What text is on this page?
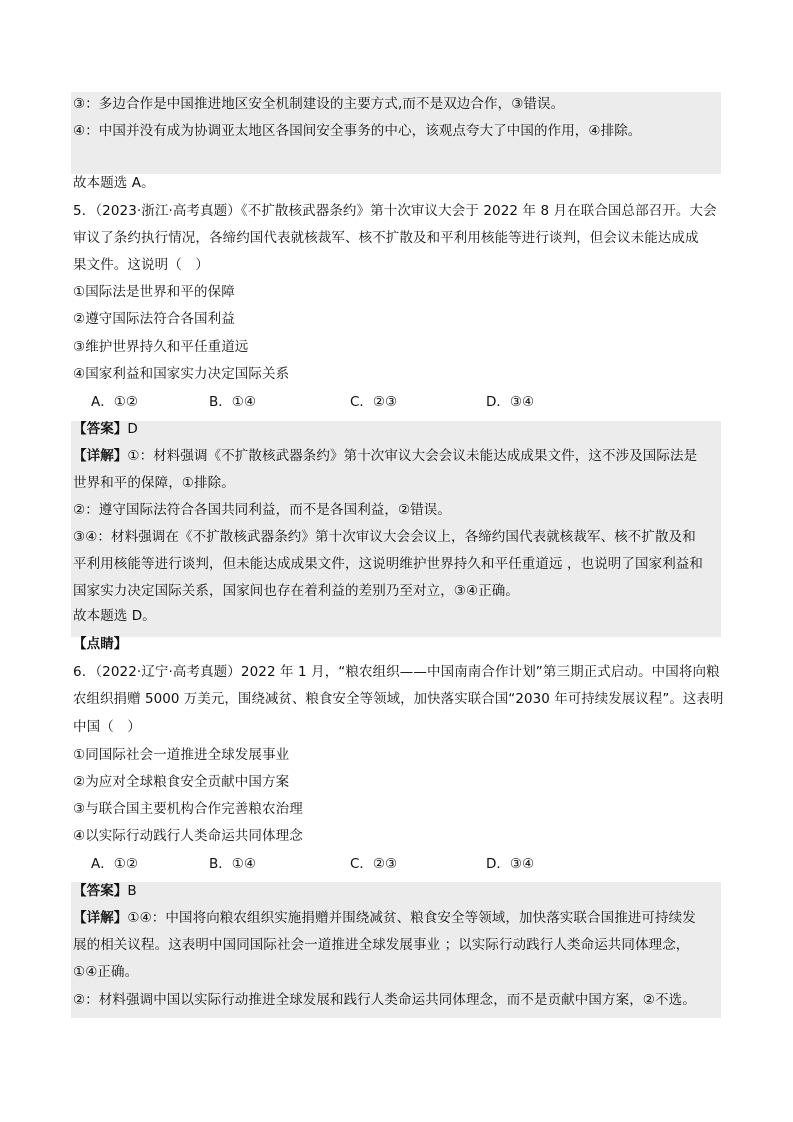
③：多边合作是中国推进地区安全机制建设的主要方式,而不是双边合作，③错误。
④：中国并没有成为协调亚太地区各国间安全事务的中心，该观点夸大了中国的作用，④排除。
故本题选 A。
5．（2023·浙江·高考真题）《不扩散核武器条约》第十次审议大会于 2022 年 8 月在联合国总部召开。大会
审议了条约执行情况，各缔约国代表就核裁军、核不扩散及和平利用核能等进行谈判，但会议未能达成成
果文件。这说明（　）
①国际法是世界和平的保障
②遵守国际法符合各国利益
③维护世界持久和平任重道远
④国家利益和国家实力决定国际关系
A．①②	B．①④	C．②③	D．③④
【答案】D
【详解】①：材料强调《不扩散核武器条约》第十次审议大会会议未能达成成果文件，这不涉及国际法是
世界和平的保障，①排除。
②：遵守国际法符合各国共同利益，而不是各国利益，②错误。
③④：材料强调在《不扩散核武器条约》第十次审议大会会议上，各缔约国代表就核裁军、核不扩散及和
平利用核能等进行谈判，但未能达成成果文件，这说明维护世界持久和平任重道远 ，也说明了国家利益和
国家实力决定国际关系，国家间也存在着利益的差别乃至对立，③④正确。
故本题选 D。
【点睛】
6．（2022·辽宁·高考真题）2022 年 1 月，“粮农组织——中国南南合作计划”第三期正式启动。中国将向粮
农组织捐赠 5000 万美元，围绕减贫、粮食安全等领域，加快落实联合国“2030 年可持续发展议程”。这表明
中国（　）
①同国际社会一道推进全球发展事业
②为应对全球粮食安全贡献中国方案
③与联合国主要机构合作完善粮农治理
④以实际行动践行人类命运共同体理念
A．①②	B．①④	C．②③	D．③④
【答案】B
【详解】①④：中国将向粮农组织实施捐赠并围绕减贫、粮食安全等领域，加快落实联合国推进可持续发
展的相关议程。这表明中国同国际社会一道推进全球发展事业 ；以实际行动践行人类命运共同体理念，
①④正确。
②：材料强调中国以实际行动推进全球发展和践行人类命运共同体理念，而不是贡献中国方案，②不选。
